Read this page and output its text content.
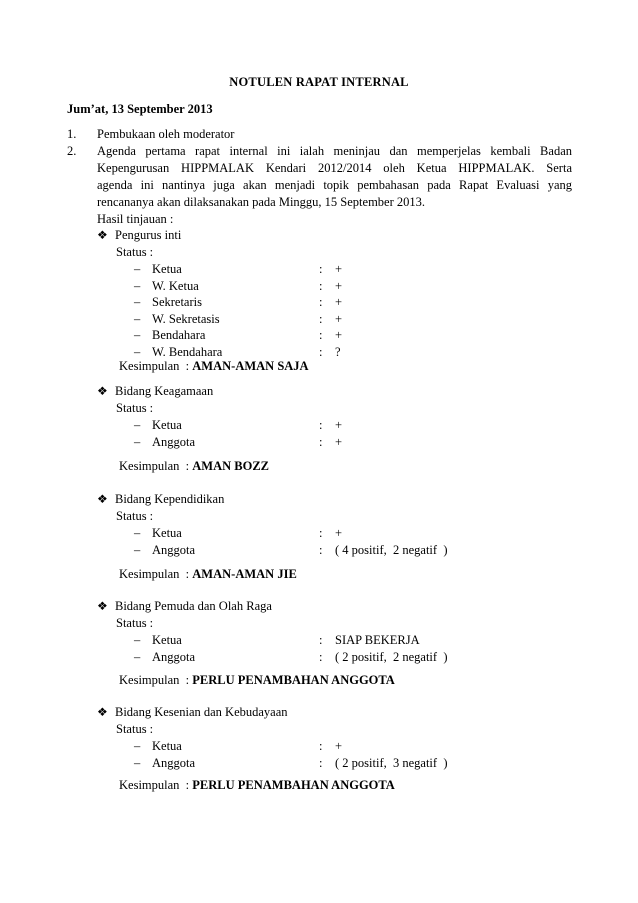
NOTULEN RAPAT INTERNAL
Jum’at, 13 September 2013
1.	Pembukaan oleh moderator
2.	Agenda pertama rapat internal ini ialah meninjau dan memperjelas kembali Badan
Kepengurusan HIPPMALAK Kendari 2012/2014 oleh Ketua HIPPMALAK. Serta
agenda ini nantinya juga akan menjadi topik pembahasan pada Rapat Evaluasi yang
rencananya akan dilaksanakan pada Minggu, 15 September 2013.
Hasil tinjauan :
❖ Pengurus inti
Status :
– Ketua	: +
– W. Ketua	: +
– Sekretaris	: +
– W. Sekretasis	: +
– Bendahara	: +
– W. Bendahara	: ?
Kesimpulan  : AMAN-AMAN SAJA
❖ Bidang Keagamaan
Status :
– Ketua	: +
– Anggota	: +
Kesimpulan  : AMAN BOZZ
❖ Bidang Kependidikan
Status :
– Ketua	: +
– Anggota	: ( 4 positif,  2 negatif  )
Kesimpulan  : AMAN-AMAN JIE
❖ Bidang Pemuda dan Olah Raga
Status :
– Ketua	: SIAP BEKERJA
– Anggota	: ( 2 positif,  2 negatif  )
Kesimpulan  : PERLU PENAMBAHAN ANGGOTA
❖ Bidang Kesenian dan Kebudayaan
Status :
– Ketua	: +
– Anggota	: ( 2 positif,  3 negatif  )
Kesimpulan  : PERLU PENAMBAHAN ANGGOTA
